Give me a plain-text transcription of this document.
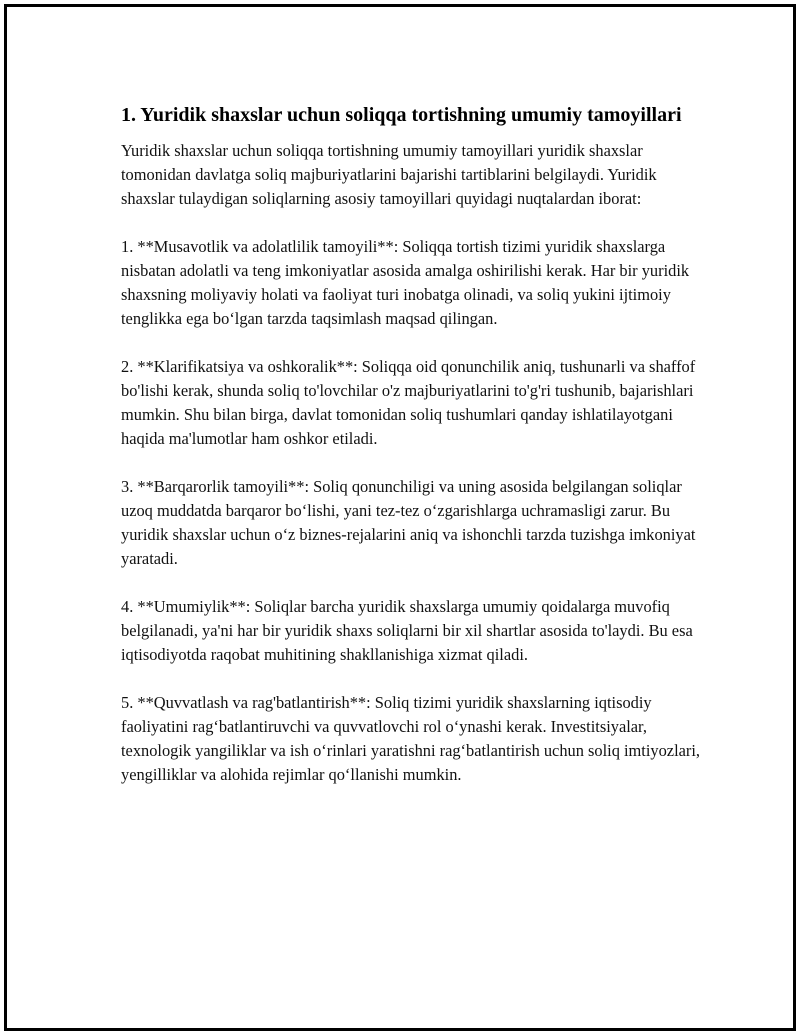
1. Yuridik shaxslar uchun soliqqa tortishning umumiy tamoyillari

Yuridik shaxslar uchun soliqqa tortishning umumiy tamoyillari yuridik shaxslar tomonidan davlatga soliq majburiyatlarini bajarishi tartiblarini belgilaydi. Yuridik shaxslar tulaydigan soliqlarning asosiy tamoyillari quyidagi nuqtalardan iborat:

1. **Musavotlik va adolatlilik tamoyili**: Soliqqa tortish tizimi yuridik shaxslarga nisbatan adolatli va teng imkoniyatlar asosida amalga oshirilishi kerak. Har bir yuridik shaxsning moliyaviy holati va faoliyat turi inobatga olinadi, va soliq yukini ijtimoiy tenglikka ega bo‘lgan tarzda taqsimlash maqsad qilingan.

2. **Klarifikatsiya va oshkoralik**: Soliqqa oid qonunchilik aniq, tushunarli va shaffof bo'lishi kerak, shunda soliq to'lovchilar o'z majburiyatlarini to'g'ri tushunib, bajarishlari mumkin. Shu bilan birga, davlat tomonidan soliq tushumlari qanday ishlatilayotgani haqida ma'lumotlar ham oshkor etiladi.

3. **Barqarorlik tamoyili**: Soliq qonunchiligi va uning asosida belgilangan soliqlar uzoq muddatda barqaror bo‘lishi, yani tez-tez o‘zgarishlarga uchramasligi zarur. Bu yuridik shaxslar uchun o‘z biznes-rejalarini aniq va ishonchli tarzda tuzishga imkoniyat yaratadi.

4. **Umumiylik**: Soliqlar barcha yuridik shaxslarga umumiy qoidalarga muvofiq belgilanadi, ya'ni har bir yuridik shaxs soliqlarni bir xil shartlar asosida to'laydi. Bu esa iqtisodiyotda raqobat muhitining shakllanishiga xizmat qiladi.

5. **Quvvatlash va rag'batlantirish**: Soliq tizimi yuridik shaxslarning iqtisodiy faoliyatini rag‘batlantiruvchi va quvvatlovchi rol o‘ynashi kerak. Investitsiyalar, texnologik yangiliklar va ish o‘rinlari yaratishni rag‘batlantirish uchun soliq imtiyozlari, yengilliklar va alohida rejimlar qo‘llanishi mumkin.
